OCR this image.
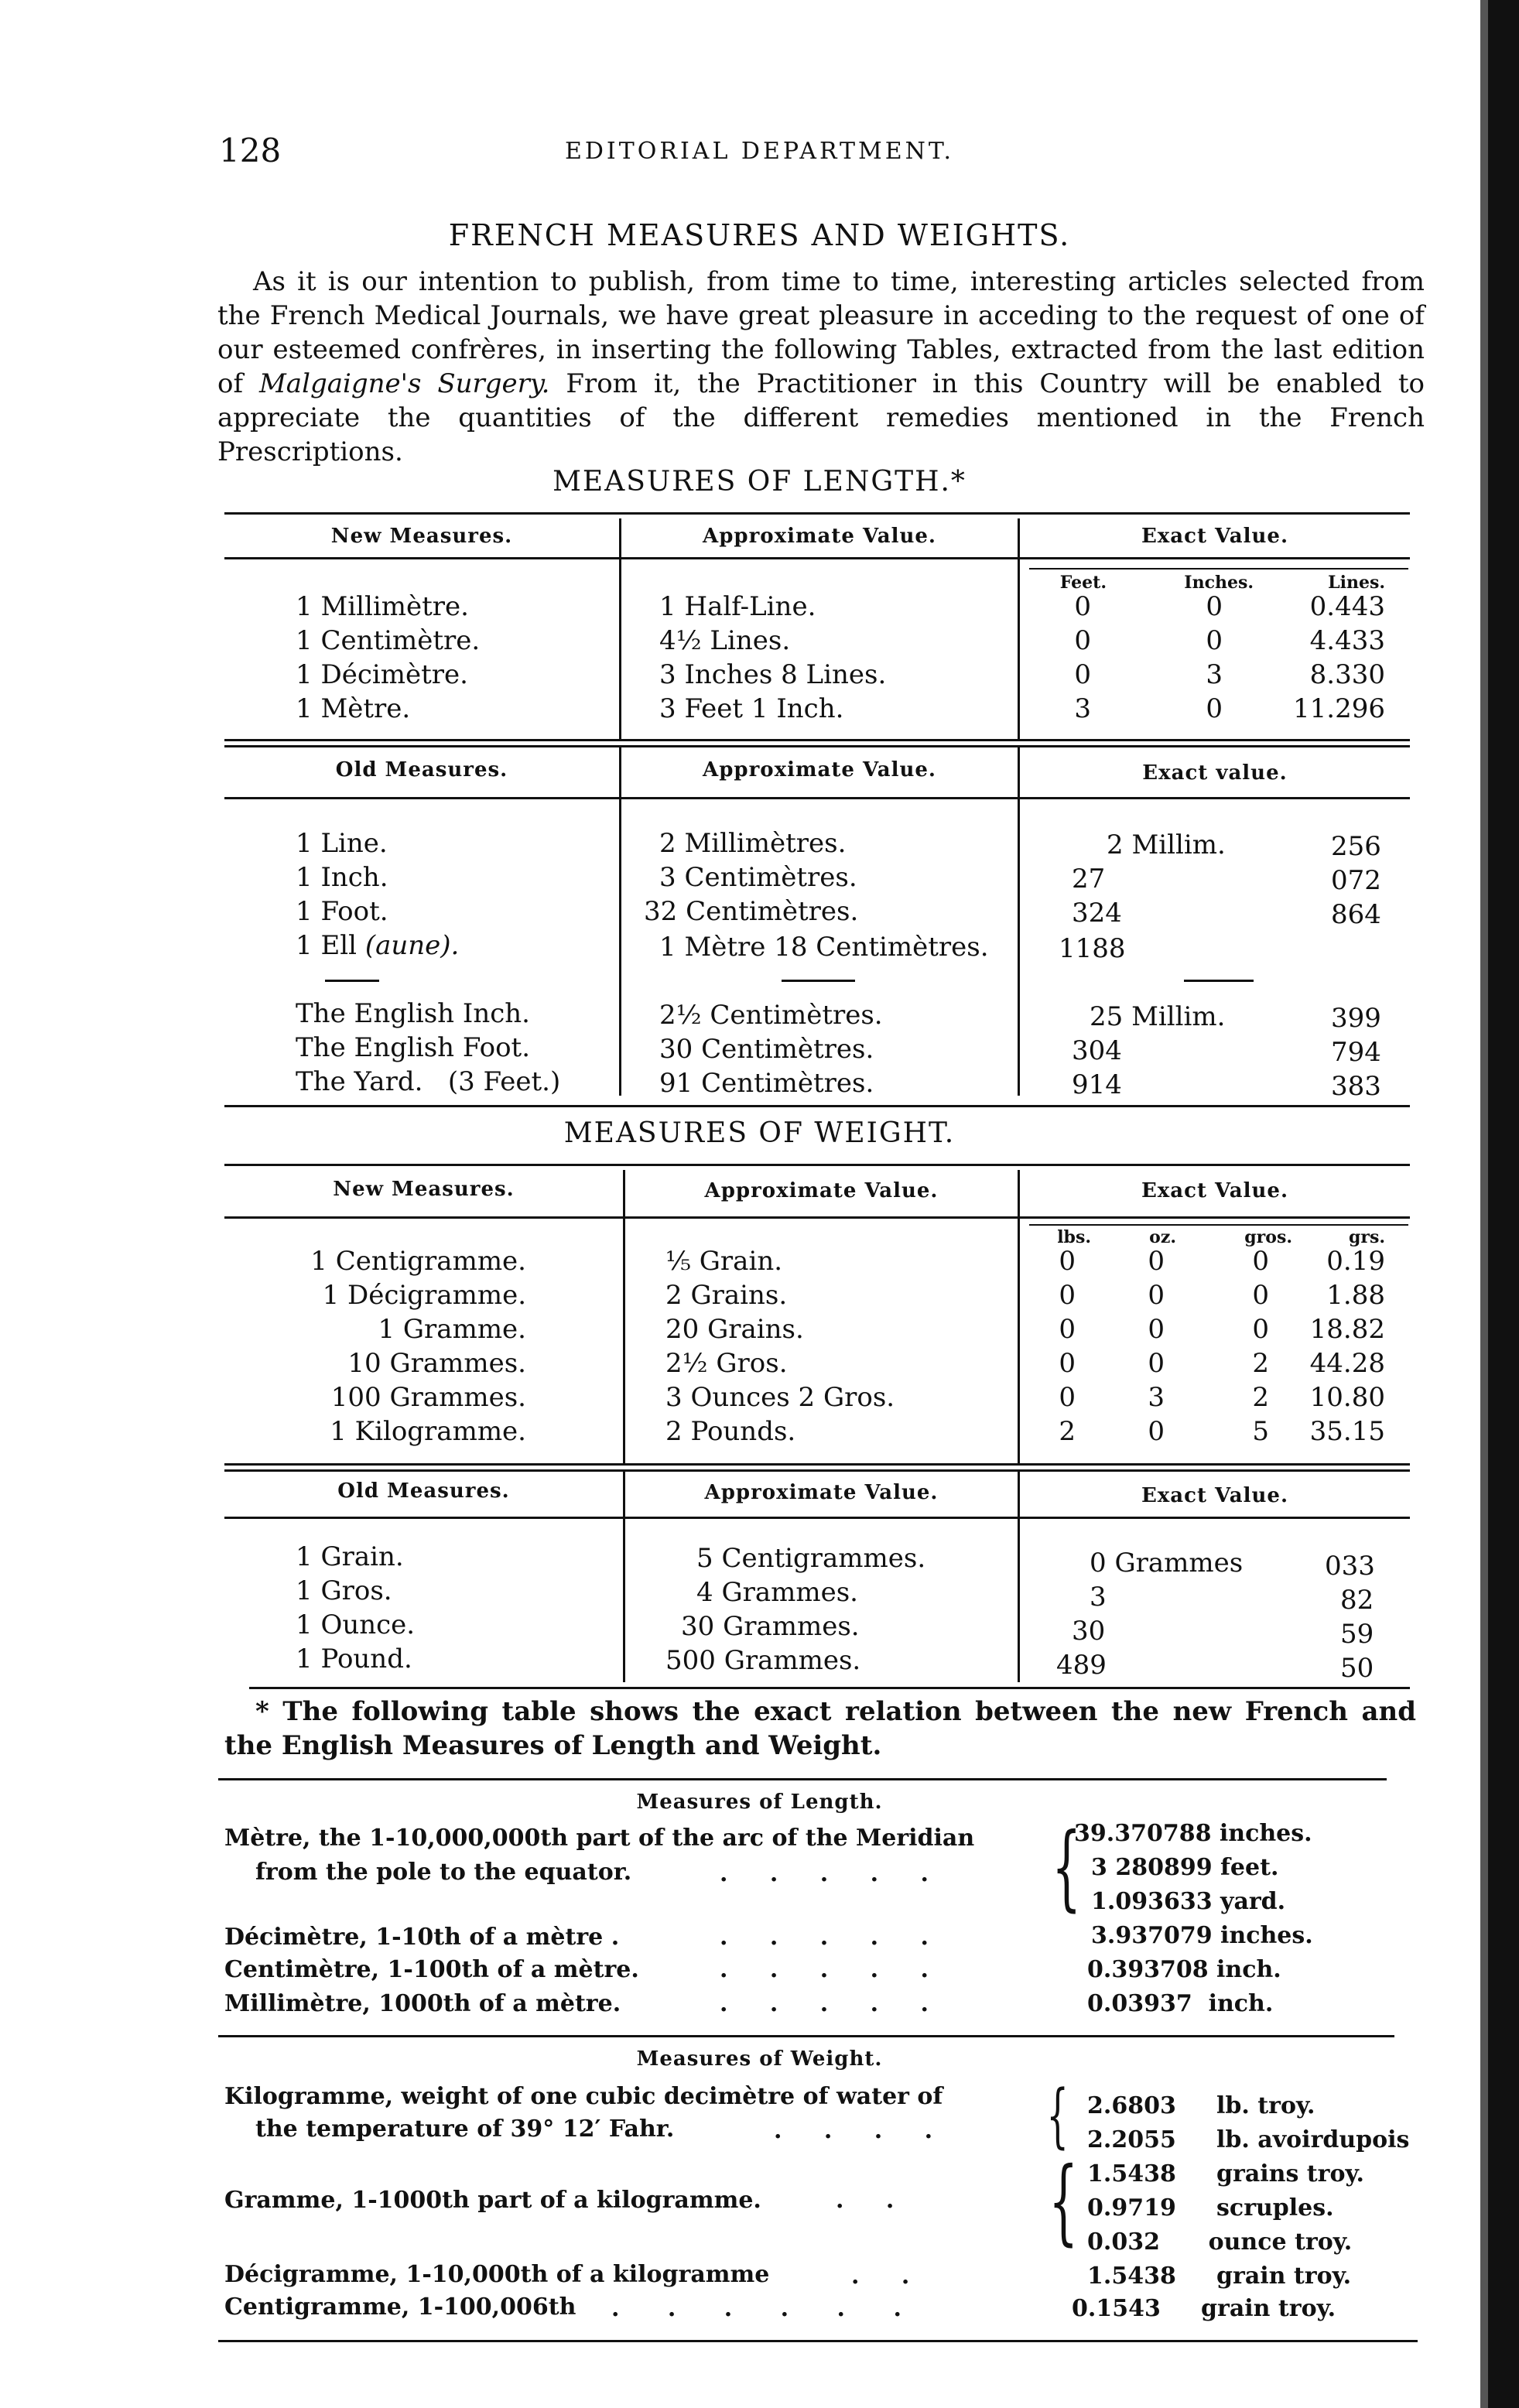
128	EDITORIAL DEPARTMENT.
FRENCH MEASURES AND WEIGHTS.

As it is our intention to publish, from time to time, interesting articles selected from the French Medical Journals, we have great pleasure in acceding to the request of one of our esteemed confrères, in inserting the following Tables, extracted from the last edition of Malgaigne's Surgery. From it, the Practitioner in this Country will be enabled to appreciate the quantities of the different remedies mentioned in the French Prescriptions.

MEASURES OF LENGTH.*
New Measures.	Approximate Value.	Exact Value.
Feet.	Inches.	Lines.
1 Millimètre.	1 Half-Line.	0	0	0.443
1 Centimètre.	4½ Lines.	0	0	4.433
1 Décimètre.	3 Inches 8 Lines.	0	3	8.330
1 Mètre.	3 Feet 1 Inch.	3	0	11.296
Old Measures.	Approximate Value.	Exact value.
1 Line.	2 Millimètres.	2 Millim.	256
1 Inch.	3 Centimètres.	27	072
1 Foot.	32 Centimètres.	324	864
1 Ell (aune).	1 Mètre 18 Centimètres.	1188
The English Inch.	2½ Centimètres.	25 Millim.	399
The English Foot.	30 Centimètres.	304	794
The Yard.   (3 Feet.)	91 Centimètres.	914	383
MEASURES OF WEIGHT.
New Measures.	Approximate Value.	Exact Value.
lbs.	oz.	gros.	grs.
1 Centigramme.	⅕ Grain.	0	0	0	0.19
1 Décigramme.	2 Grains.	0	0	0	1.88
1 Gramme.	20 Grains.	0	0	0	18.82
10 Grammes.	2½ Gros.	0	0	2	44.28
100 Grammes.	3 Ounces 2 Gros.	0	3	2	10.80
1 Kilogramme.	2 Pounds.	2	0	5	35.15
Old Measures.	Approximate Value.	Exact Value.
1 Grain.	5 Centigrammes.	0 Grammes	033
1 Gros.	4 Grammes.	3	82
1 Ounce.	30 Grammes.	30	59
1 Pound.	500 Grammes.	489	50
* The following table shows the exact relation between the new French and the English Measures of Length and Weight.
Measures of Length.
Mètre, the 1-10,000,000th part of the arc of the Meridian
from the pole to the equator.	. . . . . {
39.370788 inches.
3 280899 feet.
1.093633 yard.
Décimètre, 1-10th of a mètre .	. . . . .	3.937079 inches.
Centimètre, 1-100th of a mètre.	. . . . .	0.393708 inch.
Millimètre, 1000th of a mètre.	. . . . .	0.03937  inch.
Measures of Weight.
Kilogramme, weight of one cubic decimètre of water of
the temperature of 39° 12′ Fahr.	. . . . { 2.6803     lb. troy.
2.2055     lb. avoirdupois
Gramme, 1-1000th part of a kilogramme.	. . { 1.5438     grains troy.
0.9719     scruples.
0.032      ounce troy.
Décigramme, 1-10,000th of a kilogramme	. .	1.5438     grain troy.
Centigramme, 1-100,006th . . . . . .	0.1543     grain troy.
